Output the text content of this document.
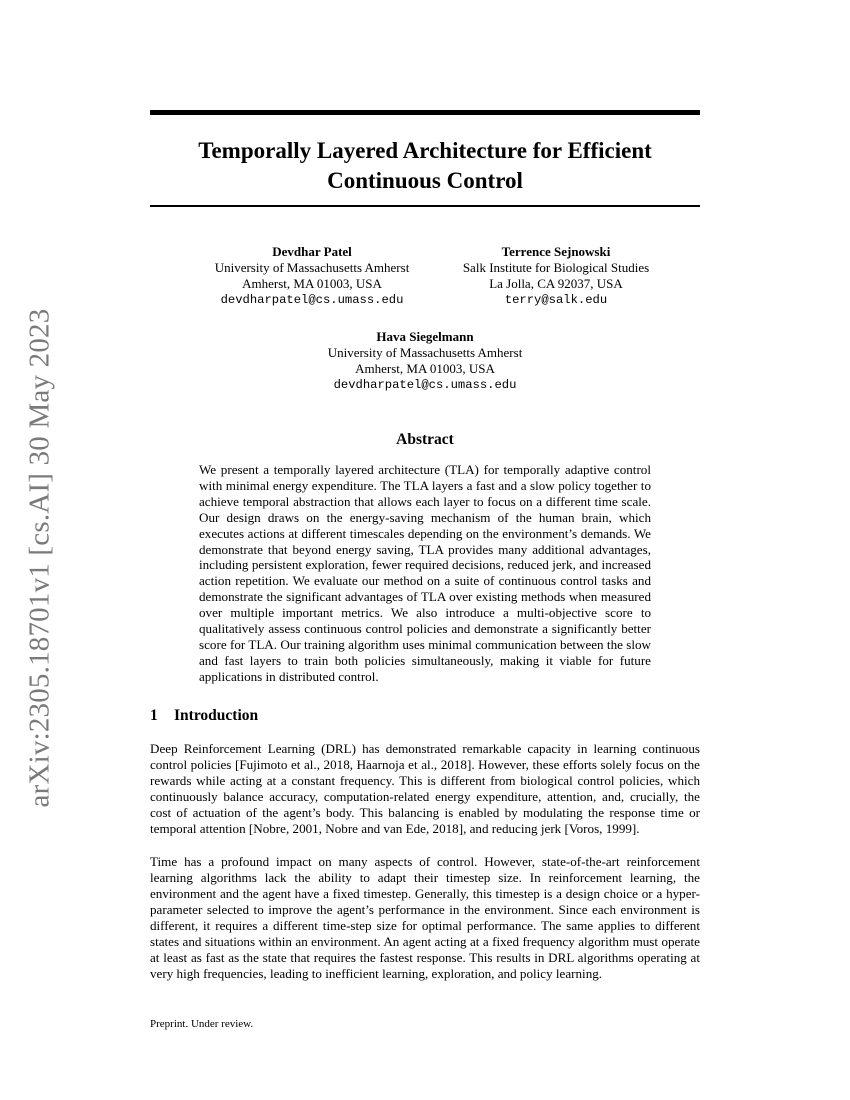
arXiv:2305.18701v1 [cs.AI] 30 May 2023
Temporally Layered Architecture for Efficient Continuous Control
Devdhar Patel
University of Massachusetts Amherst
Amherst, MA 01003, USA
devdharpatel@cs.umass.edu
Terrence Sejnowski
Salk Institute for Biological Studies
La Jolla, CA 92037, USA
terry@salk.edu
Hava Siegelmann
University of Massachusetts Amherst
Amherst, MA 01003, USA
devdharpatel@cs.umass.edu
Abstract
We present a temporally layered architecture (TLA) for temporally adaptive control with minimal energy expenditure. The TLA layers a fast and a slow policy together to achieve temporal abstraction that allows each layer to focus on a different time scale. Our design draws on the energy-saving mechanism of the human brain, which executes actions at different timescales depending on the environment’s demands. We demonstrate that beyond energy saving, TLA provides many additional advantages, including persistent exploration, fewer required decisions, reduced jerk, and increased action repetition. We evaluate our method on a suite of continuous control tasks and demonstrate the significant advantages of TLA over existing methods when measured over multiple important metrics. We also introduce a multi-objective score to qualitatively assess continuous control policies and demonstrate a significantly better score for TLA. Our training algorithm uses minimal communication between the slow and fast layers to train both policies simultaneously, making it viable for future applications in distributed control.
1 Introduction
Deep Reinforcement Learning (DRL) has demonstrated remarkable capacity in learning continuous control policies [Fujimoto et al., 2018, Haarnoja et al., 2018]. However, these efforts solely focus on the rewards while acting at a constant frequency. This is different from biological control policies, which continuously balance accuracy, computation-related energy expenditure, attention, and, crucially, the cost of actuation of the agent’s body. This balancing is enabled by modulating the response time or temporal attention [Nobre, 2001, Nobre and van Ede, 2018], and reducing jerk [Voros, 1999].
Time has a profound impact on many aspects of control. However, state-of-the-art reinforcement learning algorithms lack the ability to adapt their timestep size. In reinforcement learning, the environment and the agent have a fixed timestep. Generally, this timestep is a design choice or a hyper-parameter selected to improve the agent’s performance in the environment. Since each environment is different, it requires a different time-step size for optimal performance. The same applies to different states and situations within an environment. An agent acting at a fixed frequency algorithm must operate at least as fast as the state that requires the fastest response. This results in DRL algorithms operating at very high frequencies, leading to inefficient learning, exploration, and policy learning.
Preprint. Under review.
